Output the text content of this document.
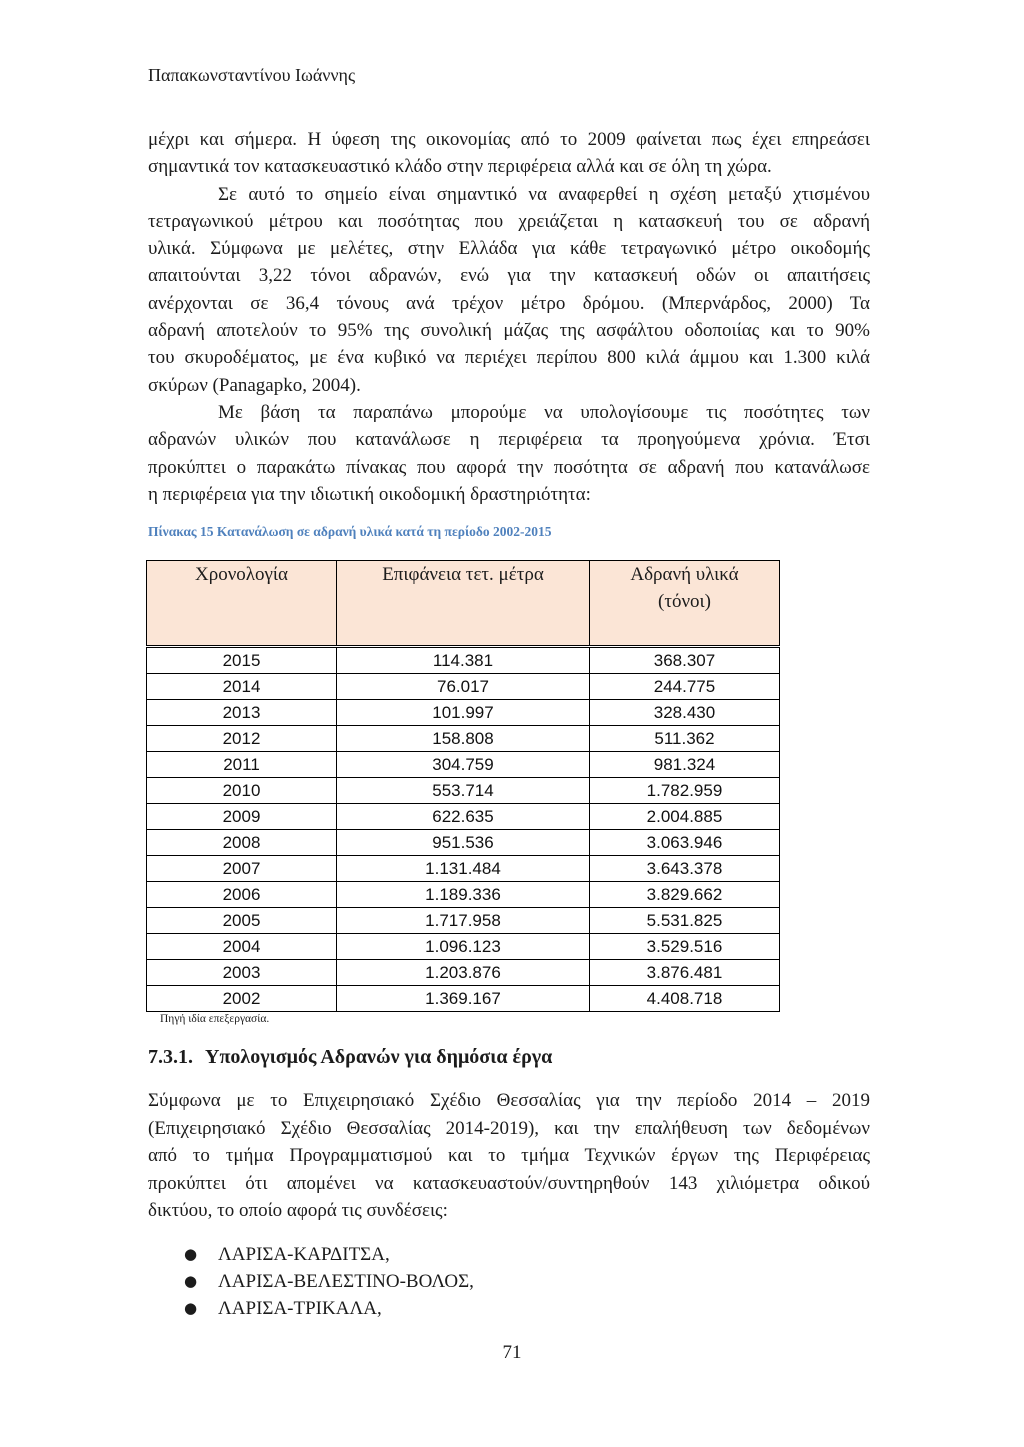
Παπακωνσταντίνου Ιωάννης
μέχρι και σήμερα. Η ύφεση της οικονομίας από το 2009 φαίνεται πως έχει επηρεάσει
σημαντικά τον κατασκευαστικό κλάδο στην περιφέρεια αλλά και σε όλη τη χώρα.
Σε αυτό το σημείο είναι σημαντικό να αναφερθεί η σχέση μεταξύ χτισμένου
τετραγωνικού μέτρου και ποσότητας που χρειάζεται η κατασκευή του σε αδρανή
υλικά. Σύμφωνα με μελέτες, στην Ελλάδα για κάθε τετραγωνικό μέτρο οικοδομής
απαιτούνται 3,22 τόνοι αδρανών, ενώ για την κατασκευή οδών οι απαιτήσεις
ανέρχονται σε 36,4 τόνους ανά τρέχον μέτρο δρόμου. (Μπερνάρδος, 2000) Τα
αδρανή αποτελούν το 95% της συνολική μάζας της ασφάλτου οδοποιίας και το 90%
του σκυροδέματος, με ένα κυβικό να περιέχει περίπου 800 κιλά άμμου και 1.300 κιλά
σκύρων (Panagapko, 2004).
Με βάση τα παραπάνω μπορούμε να υπολογίσουμε τις ποσότητες των
αδρανών υλικών που κατανάλωσε η περιφέρεια τα προηγούμενα χρόνια. Έτσι
προκύπτει ο παρακάτω πίνακας που αφορά την ποσότητα σε αδρανή που κατανάλωσε
η περιφέρεια για την ιδιωτική οικοδομική δραστηριότητα:
Πίνακας 15 Κατανάλωση σε αδρανή υλικά κατά τη περίοδο 2002-2015
Χρονολογία	Επιφάνεια τετ. μέτρα	Αδρανή υλικά
(τόνοι)
2015	114.381	368.307
2014	76.017	244.775
2013	101.997	328.430
2012	158.808	511.362
2011	304.759	981.324
2010	553.714	1.782.959
2009	622.635	2.004.885
2008	951.536	3.063.946
2007	1.131.484	3.643.378
2006	1.189.336	3.829.662
2005	1.717.958	5.531.825
2004	1.096.123	3.529.516
2003	1.203.876	3.876.481
2002	1.369.167	4.408.718
Πηγή ιδία επεξεργασία.
7.3.1. Υπολογισμός Αδρανών για δημόσια έργα
Σύμφωνα με το Επιχειρησιακό Σχέδιο Θεσσαλίας για την περίοδο 2014 – 2019
(Επιχειρησιακό Σχέδιο Θεσσαλίας 2014-2019), και την επαλήθευση των δεδομένων
από το τμήμα Προγραμματισμού και το τμήμα Τεχνικών έργων της Περιφέρειας
προκύπτει ότι απομένει να κατασκευαστούν/συντηρηθούν 143 χιλιόμετρα οδικού
δικτύου, το οποίο αφορά τις συνδέσεις:
● ΛΑΡΙΣΑ-ΚΑΡΔΙΤΣΑ,
● ΛΑΡΙΣΑ-ΒΕΛΕΣΤΙΝΟ-ΒΟΛΟΣ,
● ΛΑΡΙΣΑ-ΤΡΙΚΑΛΑ,
71
